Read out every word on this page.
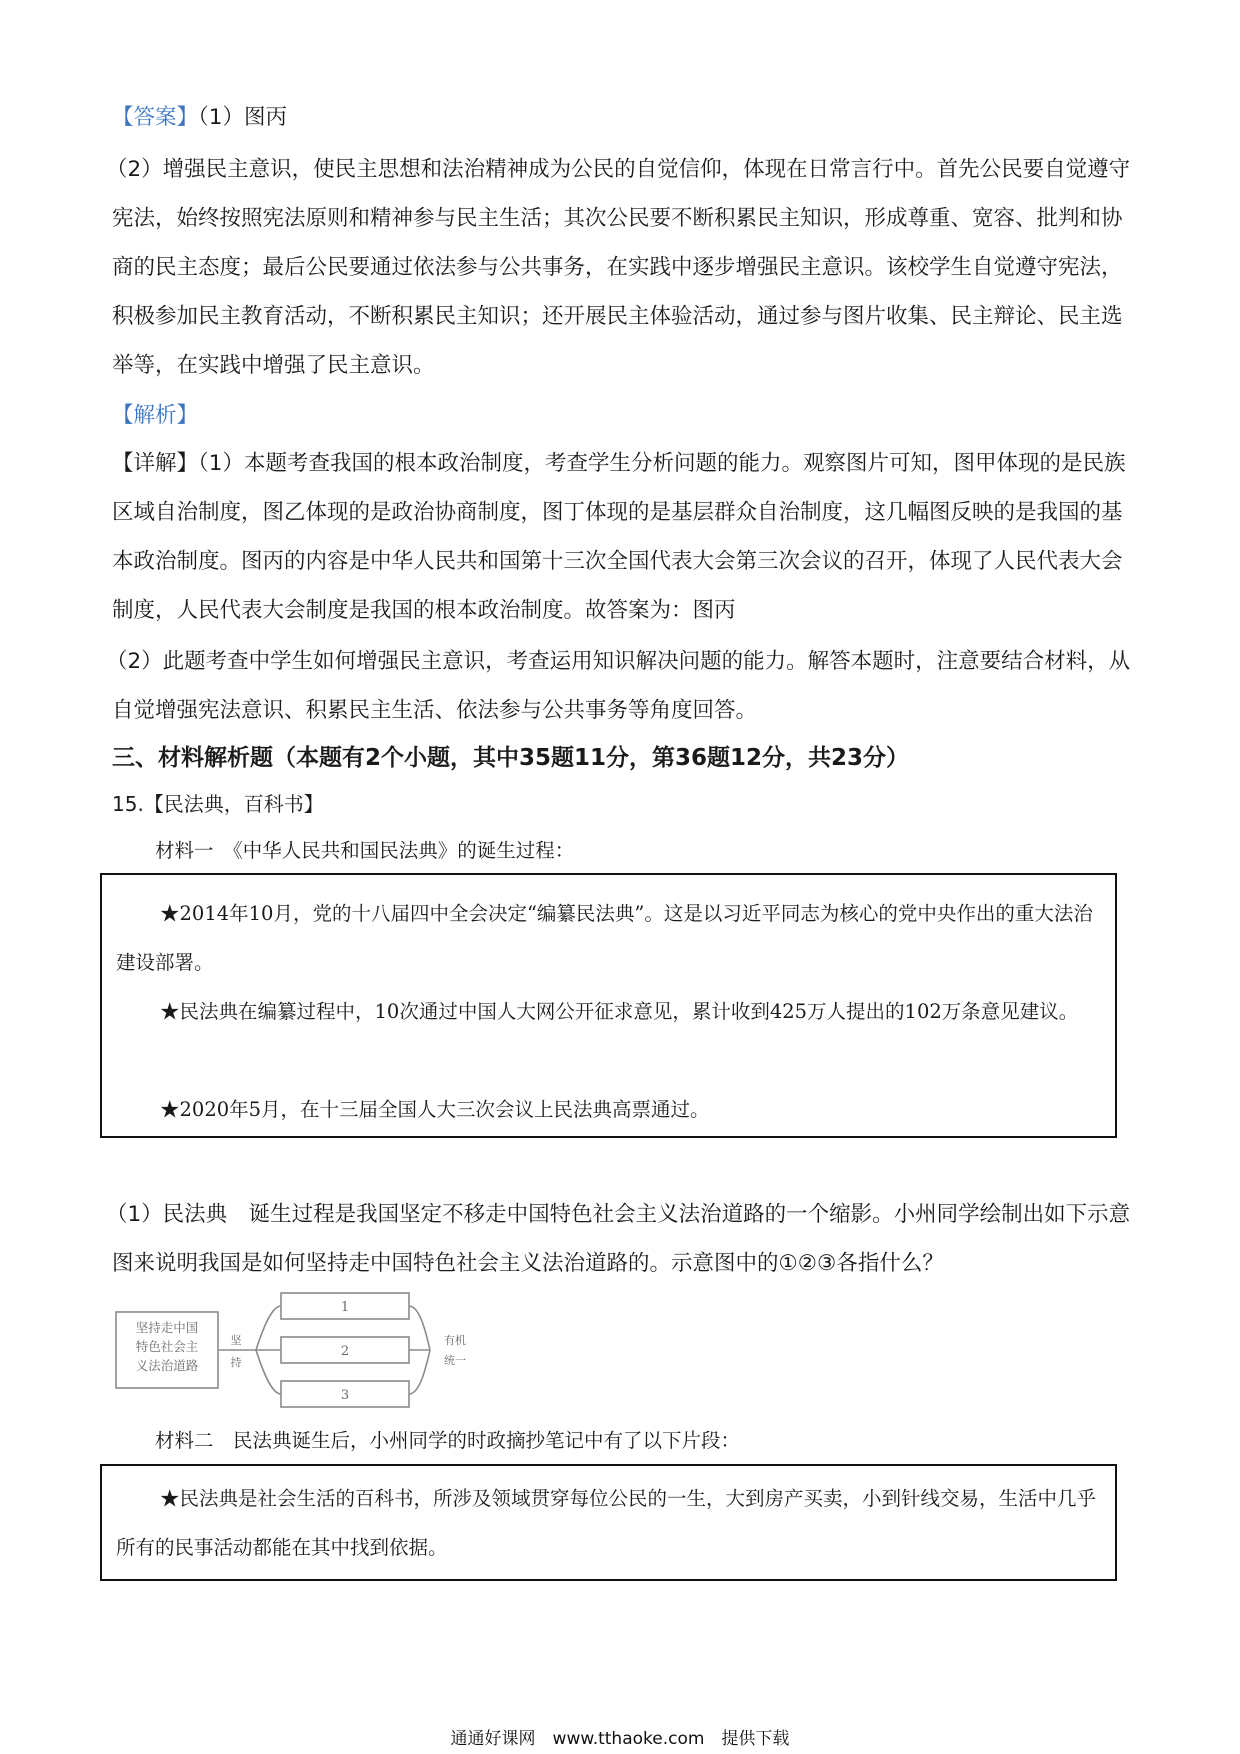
【答案】（1）图丙

（2）增强民主意识，使民主思想和法治精神成为公民的自觉信仰，体现在日常言行中。首先公民要自觉遵守宪法，始终按照宪法原则和精神参与民主生活；其次公民要不断积累民主知识，形成尊重、宽容、批判和协商的民主态度；最后公民要通过依法参与公共事务，在实践中逐步增强民主意识。该校学生自觉遵守宪法，积极参加民主教育活动，不断积累民主知识；还开展民主体验活动，通过参与图片收集、民主辩论、民主选举等，在实践中增强了民主意识。

【解析】

【详解】（1）本题考查我国的根本政治制度，考查学生分析问题的能力。观察图片可知，图甲体现的是民族区域自治制度，图乙体现的是政治协商制度，图丁体现的是基层群众自治制度，这几幅图反映的是我国的基本政治制度。图丙的内容是中华人民共和国第十三次全国代表大会第三次会议的召开，体现了人民代表大会制度，人民代表大会制度是我国的根本政治制度。故答案为：图丙

（2）此题考查中学生如何增强民主意识，考查运用知识解决问题的能力。解答本题时，注意要结合材料，从自觉增强宪法意识、积累民主生活、依法参与公共事务等角度回答。

三、材料解析题（本题有2个小题，其中35题11分，第36题12分，共23分）

15.【民法典，百科书】

材料一　《中华人民共和国民法典》的诞生过程：

★2014年10月，党的十八届四中全会决定“编纂民法典”。这是以习近平同志为核心的党中央作出的重大法治建设部署。

★民法典在编纂过程中，10次通过中国人大网公开征求意见，累计收到425万人提出的102万条意见建议。

★2020年5月，在十三届全国人大三次会议上民法典高票通过。

（1）民法典　诞生过程是我国坚定不移走中国特色社会主义法治道路的一个缩影。小州同学绘制出如下示意图来说明我国是如何坚持走中国特色社会主义法治道路的。示意图中的①②③各指什么？

坚持走中国
特色社会主
义法治道路
坚
持
1
2
3
有机
统一

材料二　民法典诞生后，小州同学的时政摘抄笔记中有了以下片段：

★民法典是社会生活的百科书，所涉及领域贯穿每位公民的一生，大到房产买卖，小到针线交易，生活中几乎所有的民事活动都能在其中找到依据。

通通好课网　www.tthaoke.com　提供下载
